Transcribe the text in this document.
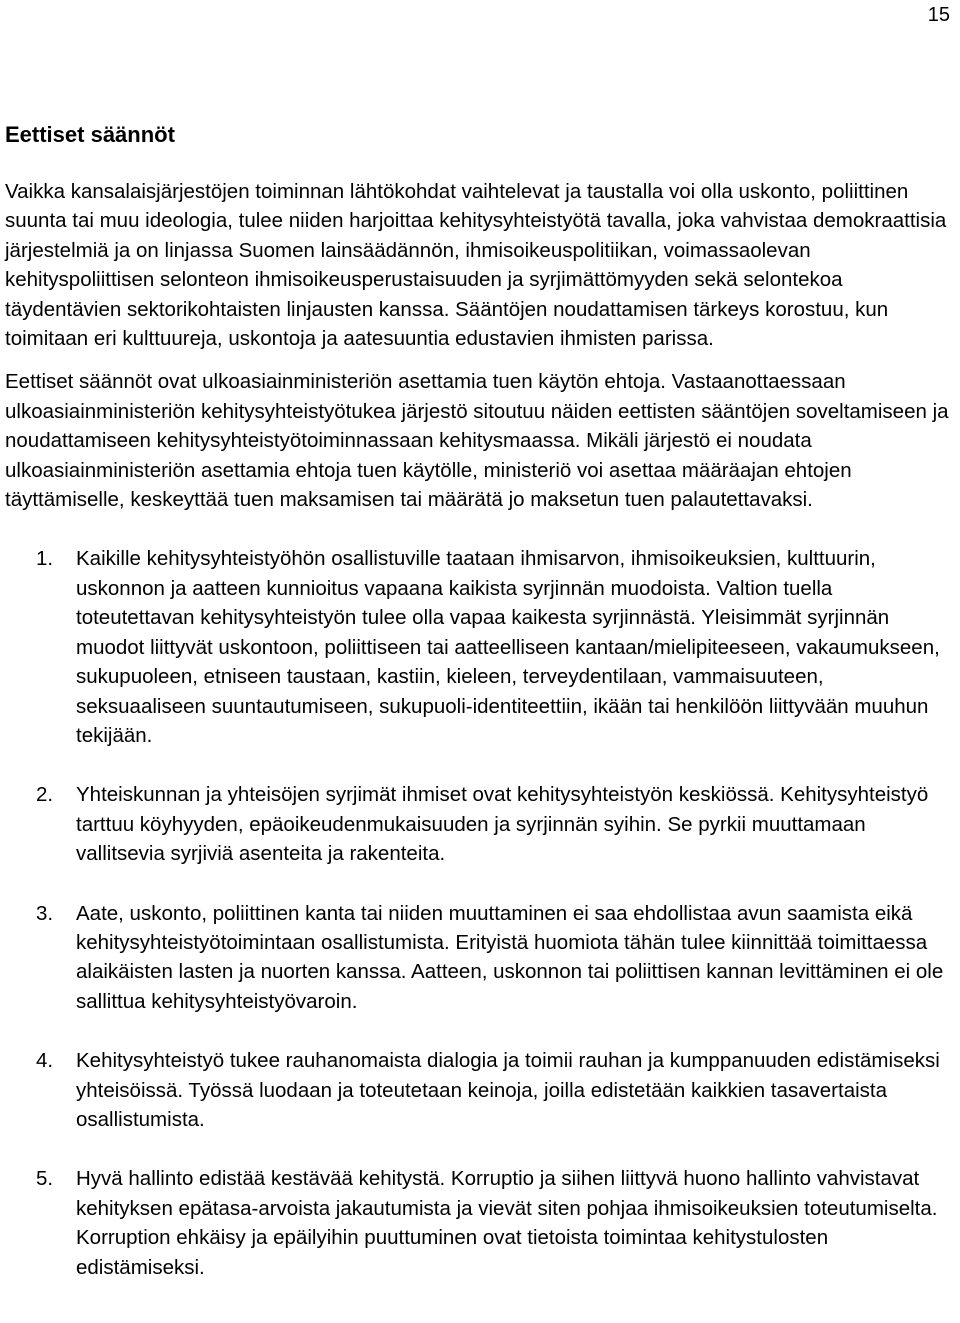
15
Eettiset säännöt

Vaikka kansalaisjärjestöjen toiminnan lähtökohdat vaihtelevat ja taustalla voi olla uskonto, poliittinen suunta tai muu ideologia, tulee niiden harjoittaa kehitysyhteistyötä tavalla, joka vahvistaa demokraattisia järjestelmiä ja on linjassa Suomen lainsäädännön, ihmisoikeuspolitiikan, voimassaolevan kehityspoliittisen selonteon ihmisoikeusperustaisuuden ja syrjimättömyyden sekä selontekoa täydentävien sektorikohtaisten linjausten kanssa. Sääntöjen noudattamisen tärkeys korostuu, kun toimitaan eri kulttuureja, uskontoja ja aatesuuntia edustavien ihmisten parissa.

Eettiset säännöt ovat ulkoasiainministeriön asettamia tuen käytön ehtoja. Vastaanottaessaan ulkoasiainministeriön kehitysyhteistyötukea järjestö sitoutuu näiden eettisten sääntöjen soveltamiseen ja noudattamiseen kehitysyhteistyötoiminnassaan kehitysmaassa. Mikäli järjestö ei noudata ulkoasiainministeriön asettamia ehtoja tuen käytölle, ministeriö voi asettaa määräajan ehtojen täyttämiselle, keskeyttää tuen maksamisen tai määrätä jo maksetun tuen palautettavaksi.

1. Kaikille kehitysyhteistyöhön osallistuville taataan ihmisarvon, ihmisoikeuksien, kulttuurin, uskonnon ja aatteen kunnioitus vapaana kaikista syrjinnän muodoista. Valtion tuella toteutettavan kehitysyhteistyön tulee olla vapaa kaikesta syrjinnästä. Yleisimmät syrjinnän muodot liittyvät uskontoon, poliittiseen tai aatteelliseen kantaan/mielipiteeseen, vakaumukseen, sukupuoleen, etniseen taustaan, kastiin, kieleen, terveydentilaan, vammaisuuteen, seksuaaliseen suuntautumiseen, sukupuoli-identiteettiin, ikään tai henkilöön liittyvään muuhun tekijään.
2. Yhteiskunnan ja yhteisöjen syrjimät ihmiset ovat kehitysyhteistyön keskiössä. Kehitysyhteistyö tarttuu köyhyyden, epäoikeudenmukaisuuden ja syrjinnän syihin. Se pyrkii muuttamaan vallitsevia syrjiviä asenteita ja rakenteita.
3. Aate, uskonto, poliittinen kanta tai niiden muuttaminen ei saa ehdollistaa avun saamista eikä kehitysyhteistyötoimintaan osallistumista. Erityistä huomiota tähän tulee kiinnittää toimittaessa alaikäisten lasten ja nuorten kanssa. Aatteen, uskonnon tai poliittisen kannan levittäminen ei ole sallittua kehitysyhteistyövaroin.
4. Kehitysyhteistyö tukee rauhanomaista dialogia ja toimii rauhan ja kumppanuuden edistämiseksi yhteisöissä. Työssä luodaan ja toteutetaan keinoja, joilla edistetään kaikkien tasavertaista osallistumista.
5. Hyvä hallinto edistää kestävää kehitystä. Korruptio ja siihen liittyvä huono hallinto vahvistavat kehityksen epätasa-arvoista jakautumista ja vievät siten pohjaa ihmisoikeuksien toteutumiselta. Korruption ehkäisy ja epäilyihin puuttuminen ovat tietoista toimintaa kehitystulosten edistämiseksi.
